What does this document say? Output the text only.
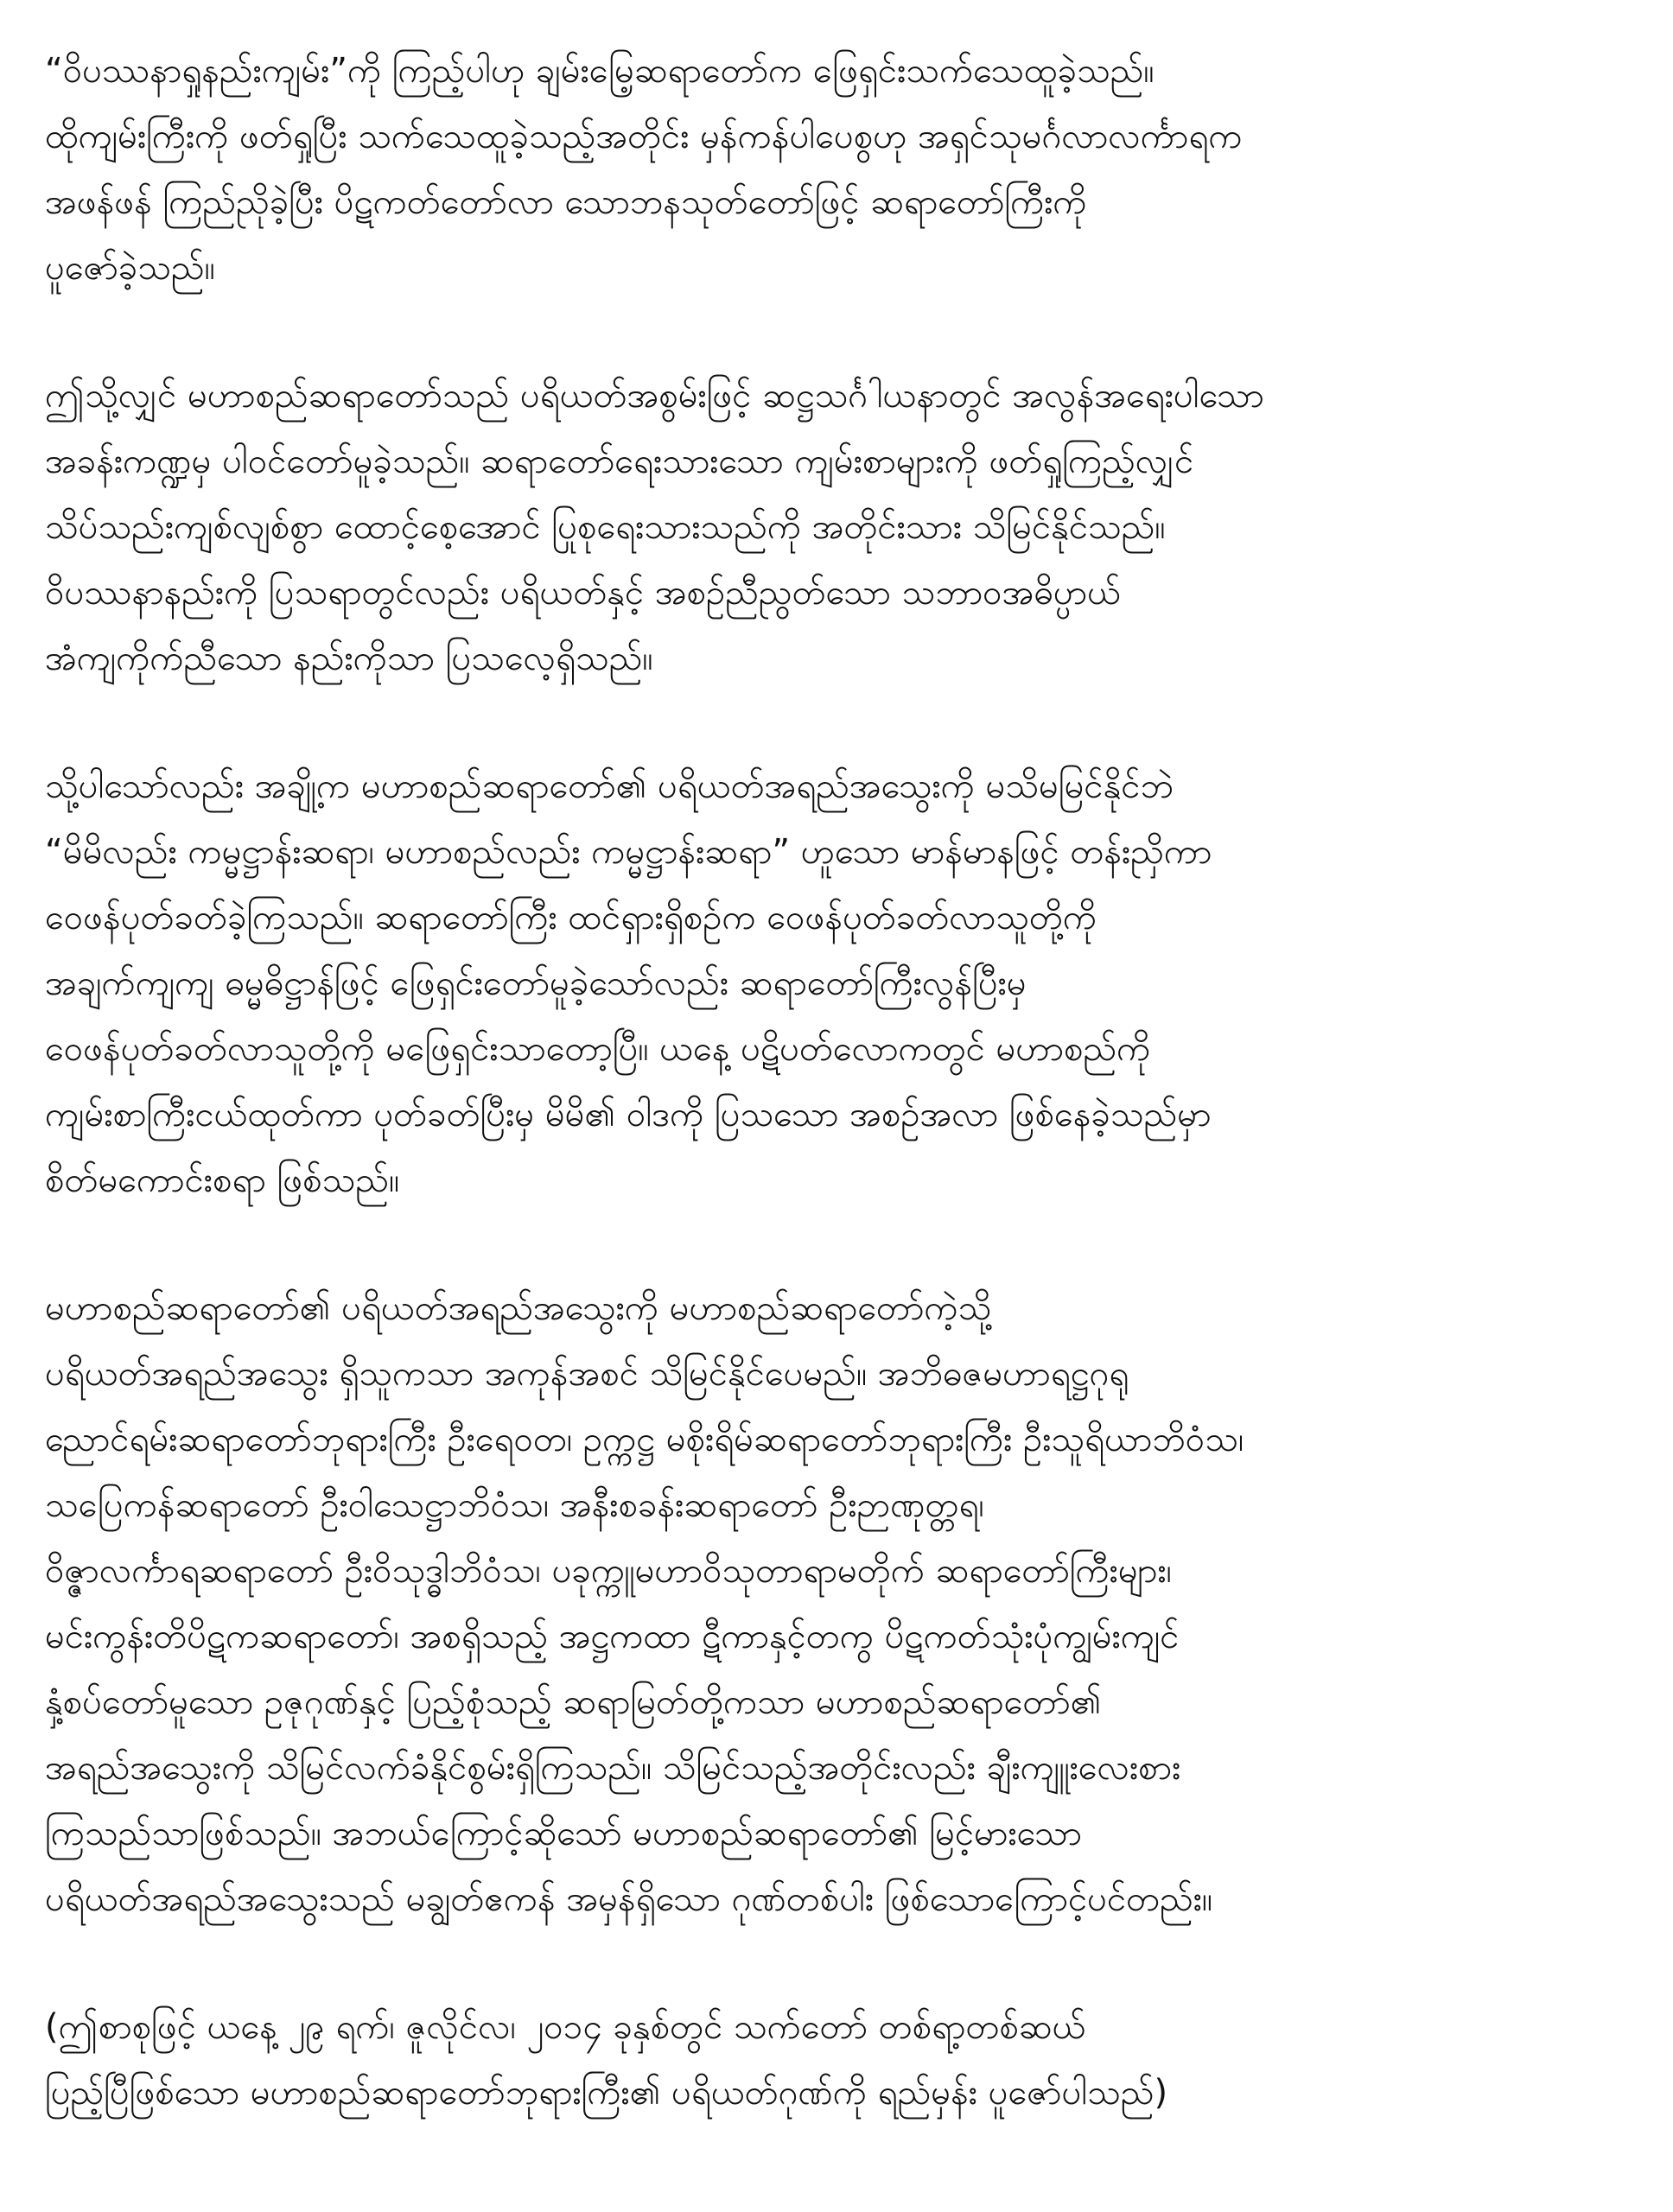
“ဝိပဿနာရှုနည်းကျမ်း”ကို ကြည့်ပါဟု ချမ်းမြေ့ဆရာတော်က ဖြေရှင်းသက်သေထူခဲ့သည်။
ထိုကျမ်းကြီးကို ဖတ်ရှုပြီး သက်သေထူခဲ့သည့်အတိုင်း မှန်ကန်ပါပေစွဟု အရှင်သုမင်္ဂလာလင်္ကာရက
အဖန်ဖန် ကြည်ညိုခဲ့ပြီး ပိဋကတ်တော်လာ သောဘနသုတ်တော်ဖြင့် ဆရာတော်ကြီးကို
ပူဇော်ခဲ့သည်။

ဤသို့လျှင် မဟာစည်ဆရာတော်သည် ပရိယတ်အစွမ်းဖြင့် ဆဋ္ဌသင်္ဂါယနာတွင် အလွန်အရေးပါသော
အခန်းကဏ္ဍမှ ပါဝင်တော်မူခဲ့သည်။ ဆရာတော်ရေးသားသော ကျမ်းစာများကို ဖတ်ရှုကြည့်လျှင်
သိပ်သည်းကျစ်လျစ်စွာ ထောင့်စေ့အောင် ပြုစုရေးသားသည်ကို အတိုင်းသား သိမြင်နိုင်သည်။
ဝိပဿနာနည်းကို ပြသရာတွင်လည်း ပရိယတ်နှင့် အစဉ်ညီညွတ်သော သဘာဝအဓိပ္ပာယ်
အံကျကိုက်ညီသော နည်းကိုသာ ပြသလေ့ရှိသည်။

သို့ပါသော်လည်း အချို့က မဟာစည်ဆရာတော်၏ ပရိယတ်အရည်အသွေးကို မသိမမြင်နိုင်ဘဲ
“မိမိလည်း ကမ္မဋ္ဌာန်းဆရာ၊ မဟာစည်လည်း ကမ္မဋ္ဌာန်းဆရာ” ဟူသော မာန်မာနဖြင့် တန်းညှိကာ
ဝေဖန်ပုတ်ခတ်ခဲ့ကြသည်။ ဆရာတော်ကြီး ထင်ရှားရှိစဉ်က ဝေဖန်ပုတ်ခတ်လာသူတို့ကို
အချက်ကျကျ ဓမ္မဓိဋ္ဌာန်ဖြင့် ဖြေရှင်းတော်မူခဲ့သော်လည်း ဆရာတော်ကြီးလွန်ပြီးမှ
ဝေဖန်ပုတ်ခတ်လာသူတို့ကို မဖြေရှင်းသာတော့ပြီ။ ယနေ့ ပဋိပတ်လောကတွင် မဟာစည်ကို
ကျမ်းစာကြီးငယ်ထုတ်ကာ ပုတ်ခတ်ပြီးမှ မိမိ၏ ဝါဒကို ပြသသော အစဉ်အလာ ဖြစ်နေခဲ့သည်မှာ
စိတ်မကောင်းစရာ ဖြစ်သည်။

မဟာစည်ဆရာတော်၏ ပရိယတ်အရည်အသွေးကို မဟာစည်ဆရာတော်ကဲ့သို့
ပရိယတ်အရည်အသွေး ရှိသူကသာ အကုန်အစင် သိမြင်နိုင်ပေမည်။ အဘိဓဇမဟာရဋ္ဌဂုရု
ညောင်ရမ်းဆရာတော်ဘုရားကြီး ဦးရေဝတ၊ ဥက္ကဋ္ဌ မစိုးရိမ်ဆရာတော်ဘုရားကြီး ဦးသူရိယာဘိဝံသ၊
သပြေကန်ဆရာတော် ဦးဝါသေဋ္ဌာဘိဝံသ၊ အနီးစခန်းဆရာတော် ဦးဉာဏုတ္တရ၊
ဝိဇ္ဇာလင်္ကာရဆရာတော် ဦးဝိသုဒ္ဓါဘိဝံသ၊ ပခုက္ကူမဟာဝိသုတာရာမတိုက် ဆရာတော်ကြီးများ၊
မင်းကွန်းတိပိဋကဆရာတော်၊ အစရှိသည့် အဋ္ဌကထာ ဋီကာနှင့်တကွ ပိဋကတ်သုံးပုံကျွမ်းကျင်
နှံ့စပ်တော်မူသော ဥဇုဂုဏ်နှင့် ပြည့်စုံသည့် ဆရာမြတ်တို့ကသာ မဟာစည်ဆရာတော်၏
အရည်အသွေးကို သိမြင်လက်ခံနိုင်စွမ်းရှိကြသည်။ သိမြင်သည့်အတိုင်းလည်း ချီးကျူးလေးစား
ကြသည်သာဖြစ်သည်။ အဘယ်ကြောင့်ဆိုသော် မဟာစည်ဆရာတော်၏ မြင့်မားသော
ပရိယတ်အရည်အသွေးသည် မချွတ်ဧကန် အမှန်ရှိသော ဂုဏ်တစ်ပါး ဖြစ်သောကြောင့်ပင်တည်း။

(ဤစာစုဖြင့် ယနေ့ ၂၉ ရက်၊ ဇူလိုင်လ၊ ၂၀၁၄ ခုနှစ်တွင် သက်တော် တစ်ရာ့တစ်ဆယ်
ပြည့်ပြီဖြစ်သော မဟာစည်ဆရာတော်ဘုရားကြီး၏ ပရိယတ်ဂုဏ်ကို ရည်မှန်း ပူဇော်ပါသည်)
